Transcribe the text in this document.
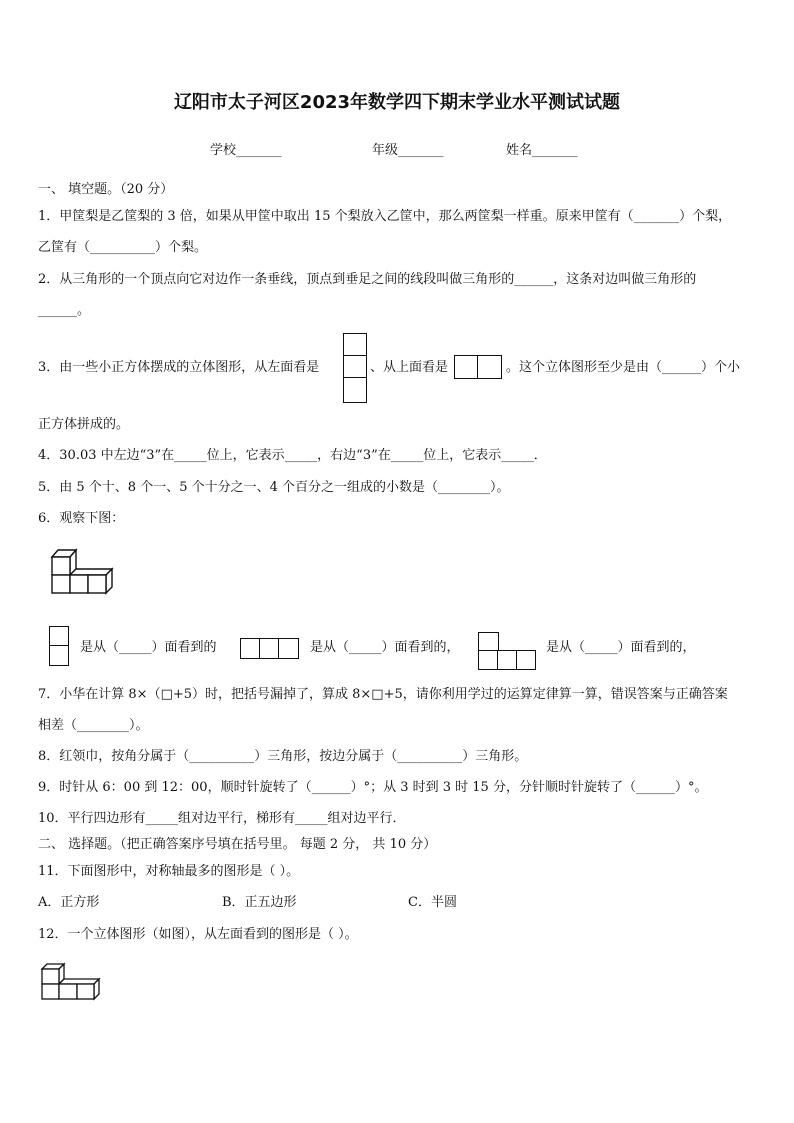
辽阳市太子河区2023年数学四下期末学业水平测试试题
学校_______	年级_______	姓名_______
一、 填空题。（20 分）
1．甲筐梨是乙筐梨的 3 倍，如果从甲筐中取出 15 个梨放入乙筐中，那么两筐梨一样重。原来甲筐有（_______）个梨，
乙筐有（__________）个梨。
2．从三角形的一个顶点向它对边作一条垂线，顶点到垂足之间的线段叫做三角形的______，这条对边叫做三角形的
______。
3．由一些小正方体摆成的立体图形，从左面看是	、从上面看是	。这个立体图形至少是由（______）个小
正方体拼成的。
4．30.03 中左边“3”在_____位上，它表示_____，右边“3”在_____位上，它表示_____．
5．由 5 个十、8 个一、5 个十分之一、4 个百分之一组成的小数是（________）。
6．观察下图：
是从（_____）面看到的	是从（_____）面看到的，	是从（_____）面看到的，
7．小华在计算 8×（□+5）时，把括号漏掉了，算成 8×□+5，请你利用学过的运算定律算一算，错误答案与正确答案
相差（________）。
8．红领巾，按角分属于（__________）三角形，按边分属于（__________）三角形。
9．时针从 6：00 到 12：00，顺时针旋转了（______）°；从 3 时到 3 时 15 分，分针顺时针旋转了（______）°。
10．平行四边形有_____组对边平行，梯形有_____组对边平行．
二、 选择题。（把正确答案序号填在括号里。 每题 2 分， 共 10 分）
11．下面图形中，对称轴最多的图形是（ ）。
A．正方形	B．正五边形	C．半圆
12．一个立体图形（如图），从左面看到的图形是（ ）。
